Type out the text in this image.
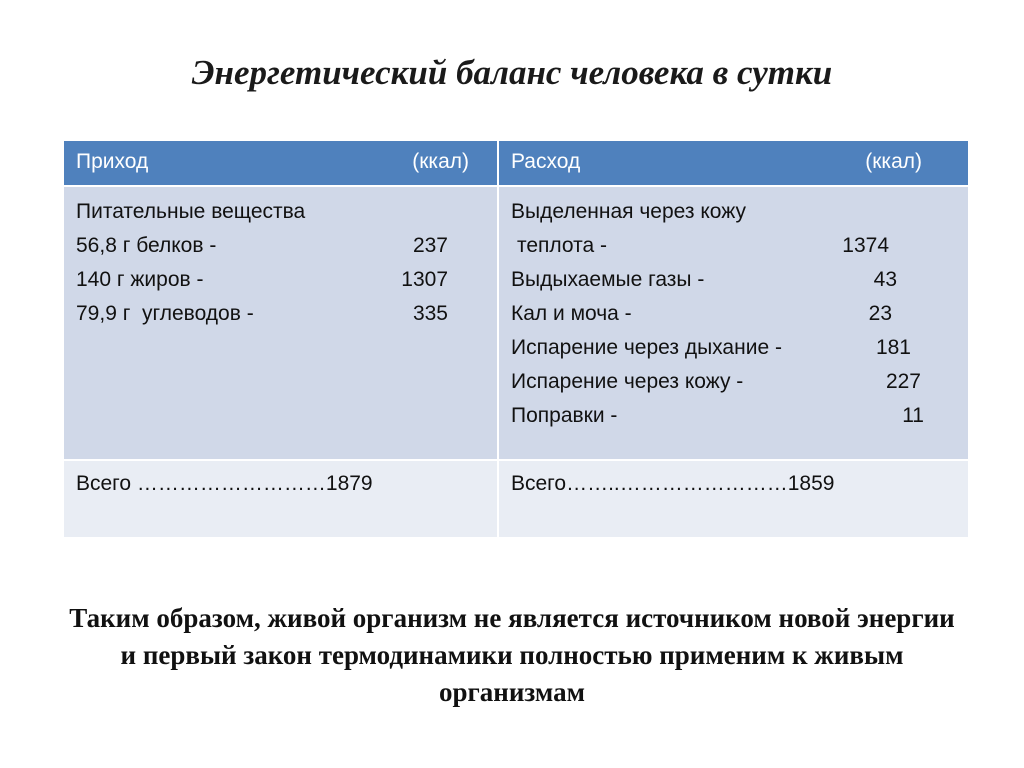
Энергетический баланс человека в сутки
Приход	(ккал) Расход	(ккал)
Питательные вещества
56,8 г белков -	237
140 г жиров -	1307
79,9 г  углеводов -	335
Выделенная через кожу
теплота -	1374
Выдыхаемые газы -	43
Кал и моча -	23
Испарение через дыхание -	181
Испарение через кожу -	227
Поправки -	11
Всего ………………………1879	Всего……..……………………1859

Таким образом, живой организм не является источником новой энергии и первый закон термодинамики полностью применим к живым организмам
